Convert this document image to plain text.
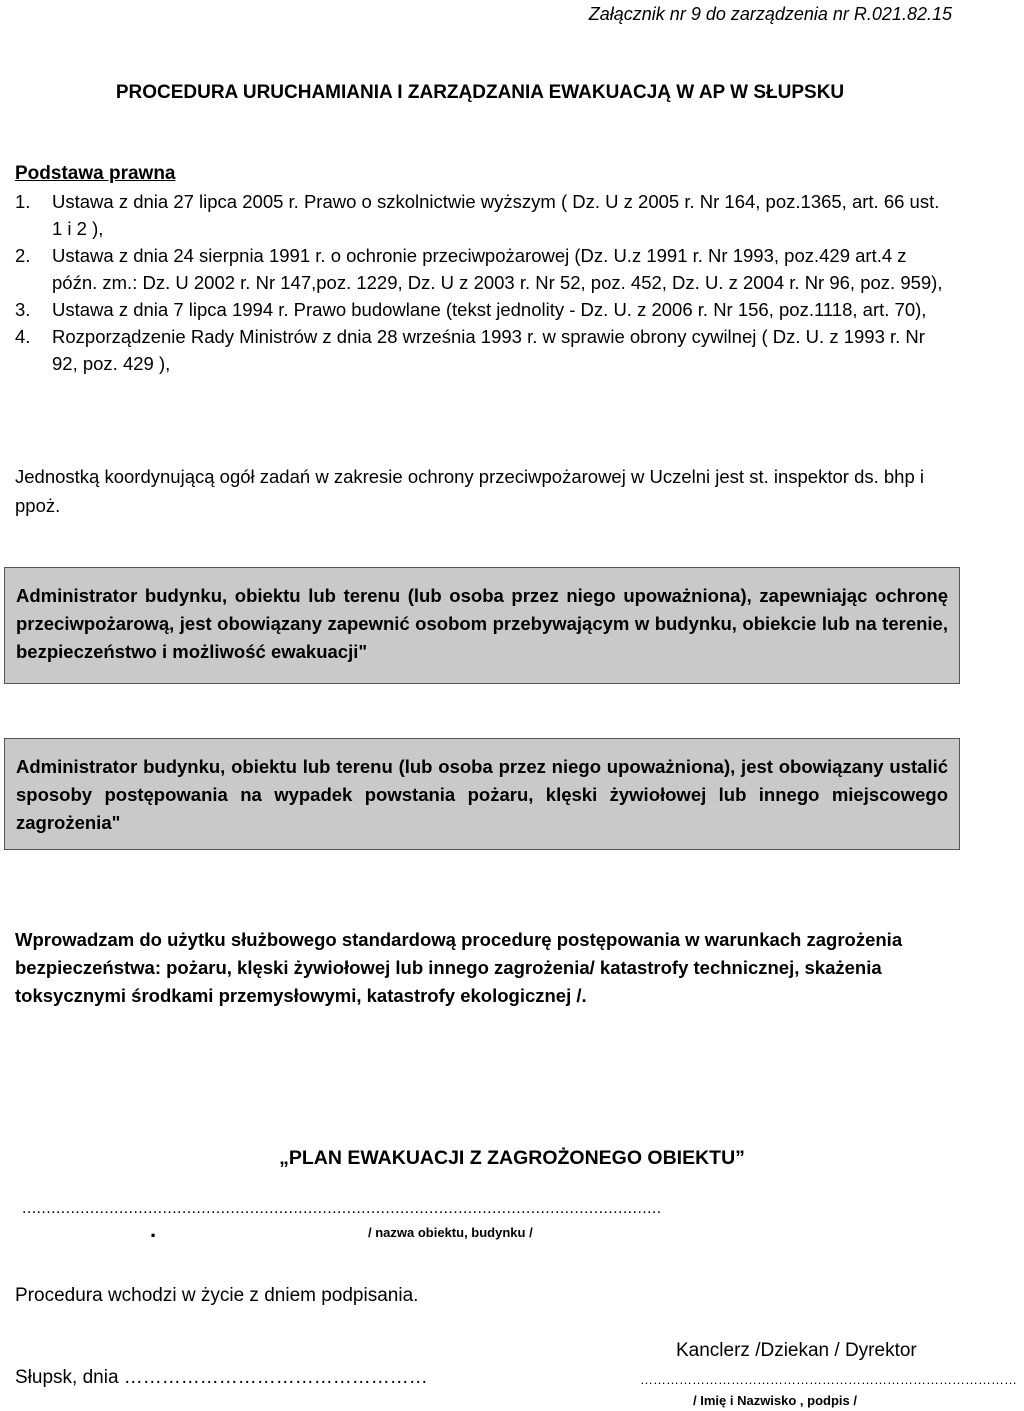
Załącznik nr 9 do zarządzenia nr R.021.82.15
PROCEDURA URUCHAMIANIA I ZARZĄDZANIA EWAKUACJĄ W AP W SŁUPSKU
Podstawa prawna
1. Ustawa z dnia 27 lipca 2005 r. Prawo o szkolnictwie wyższym ( Dz. U z 2005 r. Nr 164, poz.1365, art. 66 ust. 1 i 2 ),
2. Ustawa z dnia 24 sierpnia 1991 r. o ochronie przeciwpożarowej (Dz. U.z 1991 r. Nr 1993, poz.429 art.4 z późn. zm.: Dz. U 2002 r. Nr 147,poz. 1229, Dz. U z 2003 r. Nr 52, poz. 452, Dz. U. z 2004 r. Nr 96, poz. 959),
3. Ustawa z dnia 7 lipca 1994 r. Prawo budowlane (tekst jednolity - Dz. U. z 2006 r. Nr 156, poz.1118, art. 70),
4. Rozporządzenie Rady Ministrów z dnia 28 września 1993 r. w sprawie obrony cywilnej ( Dz. U. z 1993 r. Nr 92, poz. 429 ),
Jednostką koordynującą ogół zadań w zakresie ochrony przeciwpożarowej w Uczelni jest st. inspektor ds. bhp i ppoż.
Administrator budynku, obiektu lub terenu (lub osoba przez niego upoważniona), zapewniając ochronę przeciwpożarową, jest obowiązany zapewnić osobom przebywającym w budynku, obiekcie lub na terenie, bezpieczeństwo i możliwość ewakuacji"
Administrator budynku, obiektu lub terenu (lub osoba przez niego upoważniona), jest obowiązany ustalić sposoby postępowania na wypadek powstania pożaru, klęski żywiołowej lub innego miejscowego zagrożenia"
Wprowadzam do użytku służbowego standardową procedurę postępowania w warunkach zagrożenia bezpieczeństwa: pożaru, klęski żywiołowej lub innego zagrożenia/ katastrofy technicznej, skażenia toksycznymi środkami przemysłowymi, katastrofy ekologicznej /.
„PLAN EWAKUACJI Z ZAGROŻONEGO OBIEKTU”
....................................................................................................................................
.	/ nazwa obiektu, budynku /
Procedura wchodzi w życie z dniem podpisania.
Kanclerz /Dziekan / Dyrektor
Słupsk, dnia …………………………………………	……………………………………………………………………………
/ Imię i Nazwisko , podpis /
